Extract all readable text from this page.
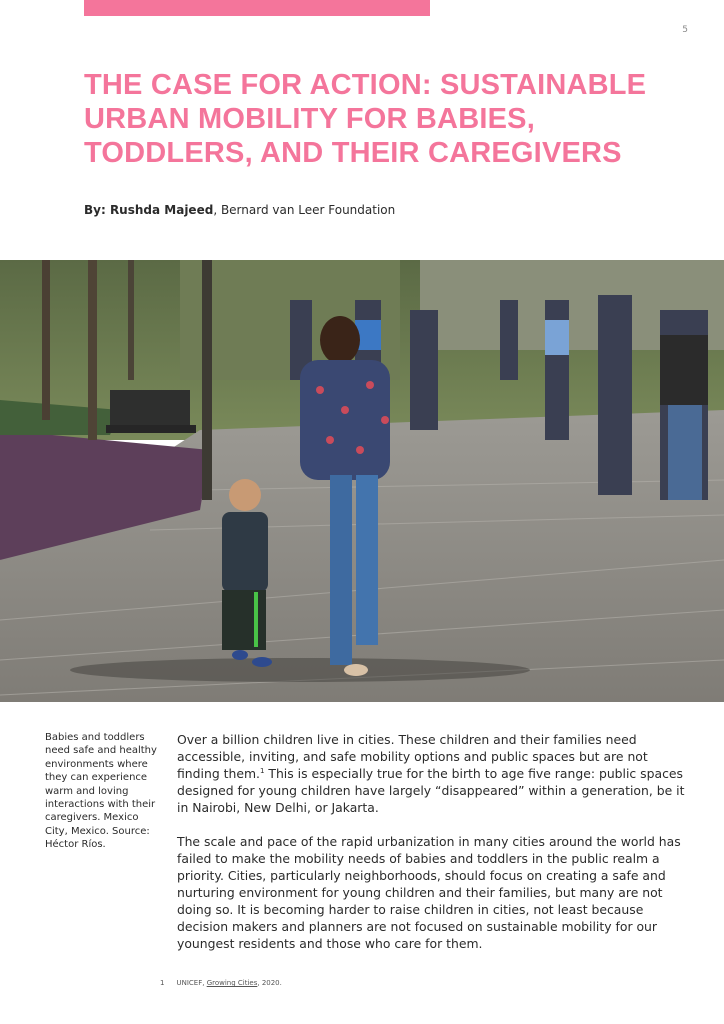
5
THE CASE FOR ACTION: SUSTAINABLE
URBAN MOBILITY FOR BABIES,
TODDLERS, AND THEIR CAREGIVERS
By: Rushda Majeed, Bernard van Leer Foundation
Babies and toddlers need safe and healthy environments where they can experience warm and loving interactions with their caregivers. Mexico City, Mexico. Source: Héctor Ríos.

Over a billion children live in cities. These children and their families need accessible, inviting, and safe mobility options and public spaces but are not finding them.$^1$ This is especially true for the birth to age five range: public spaces designed for young children have largely “disappeared” within a generation, be it in Nairobi, New Delhi, or Jakarta.

The scale and pace of the rapid urbanization in many cities around the world has failed to make the mobility needs of babies and toddlers in the public realm a priority. Cities, particularly neighborhoods, should focus on creating a safe and nurturing environment for young children and their families, but many are not doing so. It is becoming harder to raise children in cities, not least because decision makers and planners are not focused on sustainable mobility for our youngest residents and those who care for them.

1 UNICEF, Growing Cities, 2020.
